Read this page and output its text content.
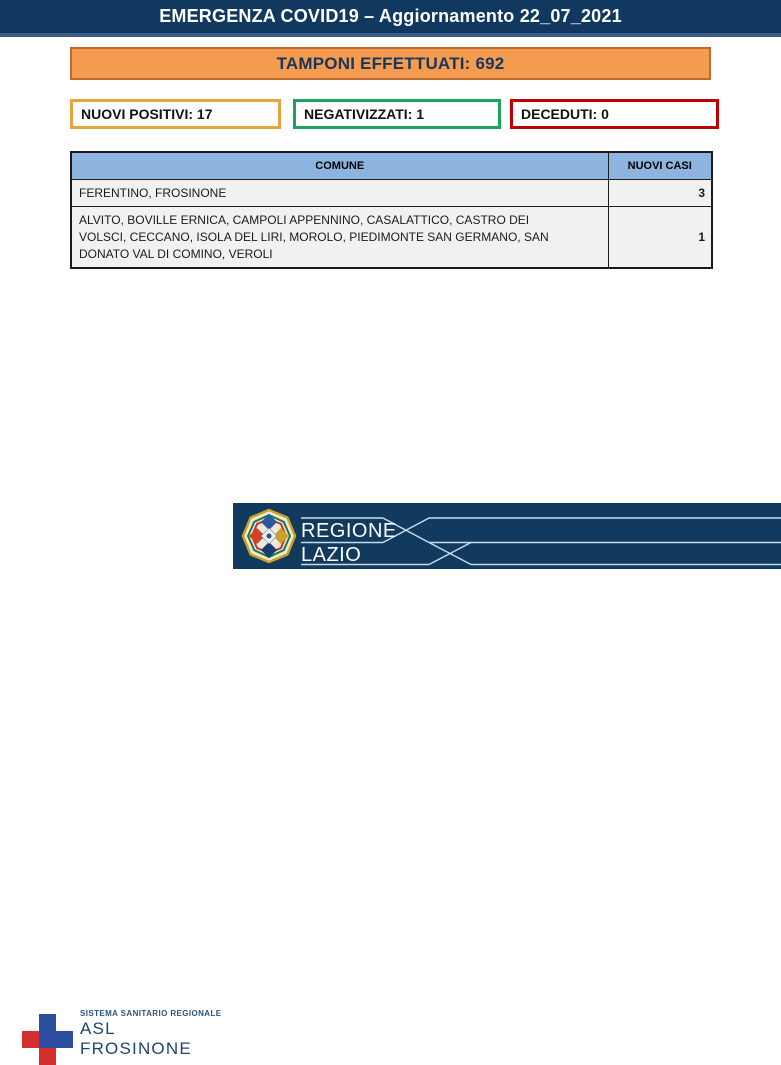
EMERGENZA COVID19 – Aggiornamento 22_07_2021
TAMPONI EFFETTUATI: 692
NUOVI POSITIVI: 17	NEGATIVIZZATI: 1	DECEDUTI: 0
COMUNE	NUOVI CASI
FERENTINO, FROSINONE	3
ALVITO, BOVILLE ERNICA, CAMPOLI APPENNINO, CASALATTICO, CASTRO DEI VOLSCI, CECCANO, ISOLA DEL LIRI, MOROLO, PIEDIMONTE SAN GERMANO, SAN DONATO VAL DI COMINO, VEROLI	1
SISTEMA SANITARIO REGIONALE
ASL
FROSINONE
REGIONE
LAZIO
